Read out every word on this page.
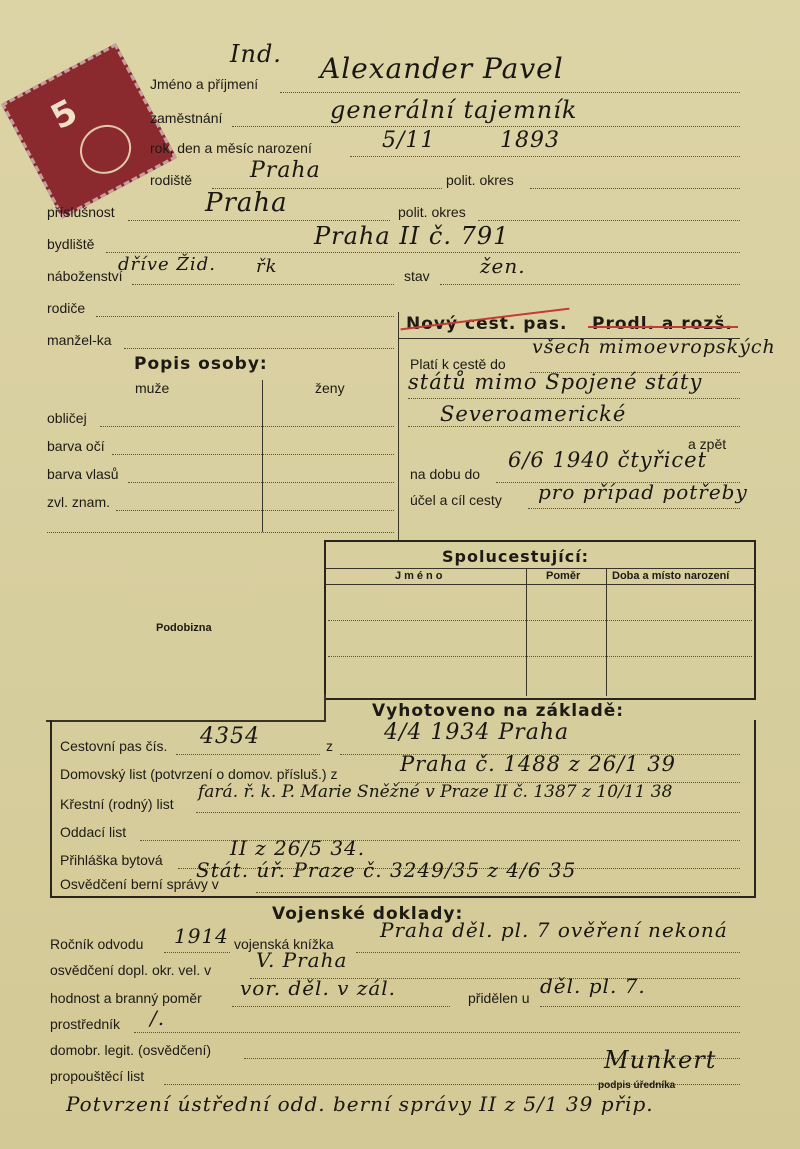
5
Ind.
Jméno a příjmení Alexander Pavel
zaměstnání	generální tajemník
rok, den a měsíc narození	5/11	1893
rodiště	Praha	polit. okres
příslušnost	Praha	polit. okres
bydliště	Praha II č. 791
náboženství
dříve Žid. řk	stav	žen.
rodiče
manžel-ka
Popis osoby:
muže	ženy
obličej
barva očí
barva vlasů
zvl. znam.
Nový cest. pas. Prodl. a rozš.
Platí k cestě do
všech mimoevropských
států mimo Spojené státy
Severoamerické
a zpět
na dobu do
6/6 1940 čtyřicet
účel a cíl cesty pro případ potřeby
Spolucestující:
Jméno	Poměr	Doba a místo narození
Podobizna
Vyhotoveno na základě:
Cestovní pas čís. 4354	z
4/4 1934 Praha
Domovský list (potvrzení o domov. přísluš.) z	Praha č. 1488 z 26/1 39
Křestní (rodný) list
fará. ř. k. P. Marie Sněžné v Praze II č. 1387 z 10/11 38
Oddací list
Přihláška bytová	II z 26/5 34.
Osvědčení berní správy v
Stát. úř. Praze č. 3249/35 z 4/6 35
Vojenské doklady:
Ročník odvodu 1914 vojenská knížka
Praha děl. pl. 7 ověření nekoná
osvědčení dopl. okr. vel. v V. Praha
hodnost a branný poměr vor. děl. v zál.	přidělen u děl. pl. 7.
prostředník /.
domobr. legit. (osvědčení)
propouštěcí list
Munkert
podpis úředníka
Potvrzení ústřední odd. berní správy II z 5/1 39 přip.
